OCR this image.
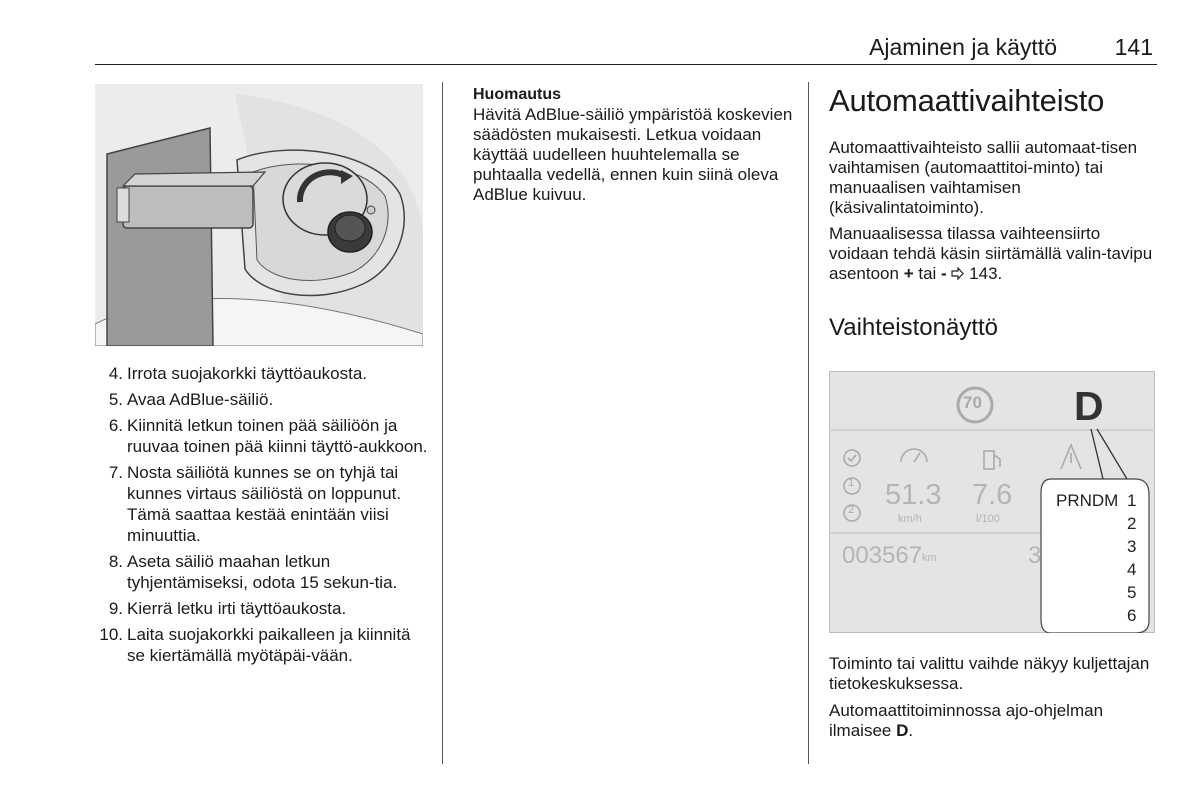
Ajaminen ja käyttö	141
4. Irrota suojakorkki täyttöaukosta.
5. Avaa AdBlue-säiliö.
6. Kiinnitä letkun toinen pää säiliöön ja ruuvaa toinen pää kiinni täyttö-aukkoon.
7. Nosta säiliötä kunnes se on tyhjä tai kunnes virtaus säiliöstä on loppunut. Tämä saattaa kestää enintään viisi minuuttia.
8. Aseta säiliö maahan letkun tyhjentämiseksi, odota 15 sekun-tia.
9. Kierrä letku irti täyttöaukosta.
10. Laita suojakorkki paikalleen ja kiinnitä se kiertämällä myötäpäi-vään.
Huomautus
Hävitä AdBlue-säiliö ympäristöä koskevien säädösten mukaisesti. Letkua voidaan käyttää uudelleen huuhtelemalla se puhtaalla vedellä, ennen kuin siinä oleva AdBlue kuivuu.
Automaattivaihteisto
Automaattivaihteisto sallii automaat-tisen vaihtamisen (automaattitoi-minto) tai manuaalisen vaihtamisen (käsivalintatoiminto).
Manuaalisessa tilassa vaihteensiirto voidaan tehdä käsin siirtämällä valin-tavipu asentoon + tai - 143.
Vaihteistonäyttö
70 D
1
2 51.3
km/h
7.6
l/100
003567 km	3
PRNDM 1
2
3
4
5
6
Toiminto tai valittu vaihde näkyy kuljettajan tietokeskuksessa.
Automaattitoiminnossa ajo-ohjelman ilmaisee D.
